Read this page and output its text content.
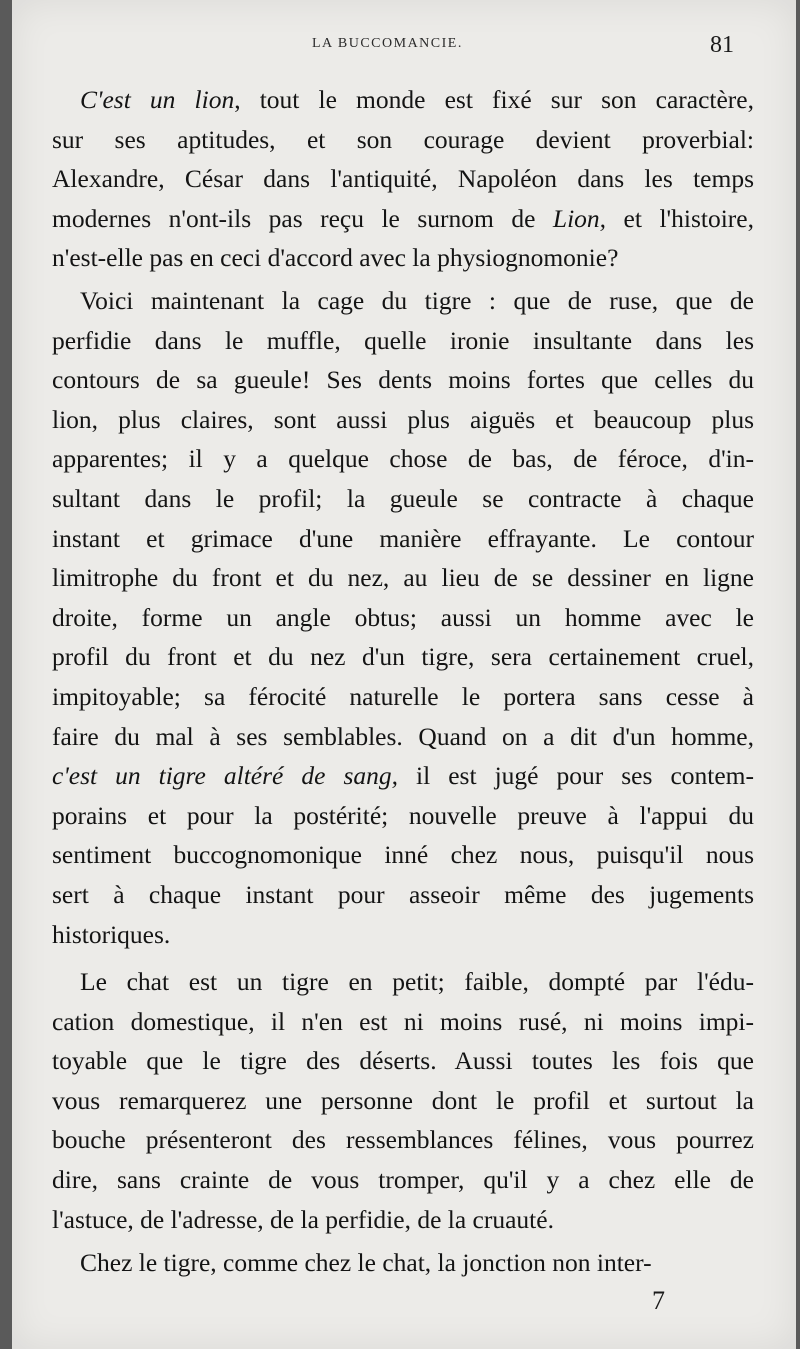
LA BUCCOMANCIE.	81
C'est un lion, tout le monde est fixé sur son caractère,
sur ses aptitudes, et son courage devient proverbial:
Alexandre, César dans l'antiquité, Napoléon dans les temps
modernes n'ont-ils pas reçu le surnom de Lion, et l'histoire,
n'est-elle pas en ceci d'accord avec la physiognomonie?
Voici maintenant la cage du tigre : que de ruse, que de
perfidie dans le muffle, quelle ironie insultante dans les
contours de sa gueule! Ses dents moins fortes que celles du
lion, plus claires, sont aussi plus aiguës et beaucoup plus
apparentes; il y a quelque chose de bas, de féroce, d'in-
sultant dans le profil; la gueule se contracte à chaque
instant et grimace d'une manière effrayante. Le contour
limitrophe du front et du nez, au lieu de se dessiner en ligne
droite, forme un angle obtus; aussi un homme avec le
profil du front et du nez d'un tigre, sera certainement cruel,
impitoyable; sa férocité naturelle le portera sans cesse à
faire du mal à ses semblables. Quand on a dit d'un homme,
c'est un tigre altéré de sang, il est jugé pour ses contem-
porains et pour la postérité; nouvelle preuve à l'appui du
sentiment buccognomonique inné chez nous, puisqu'il nous
sert à chaque instant pour asseoir même des jugements
historiques.
Le chat est un tigre en petit; faible, dompté par l'édu-
cation domestique, il n'en est ni moins rusé, ni moins impi-
toyable que le tigre des déserts. Aussi toutes les fois que
vous remarquerez une personne dont le profil et surtout la
bouche présenteront des ressemblances félines, vous pourrez
dire, sans crainte de vous tromper, qu'il y a chez elle de
l'astuce, de l'adresse, de la perfidie, de la cruauté.
Chez le tigre, comme chez le chat, la jonction non inter-
7
